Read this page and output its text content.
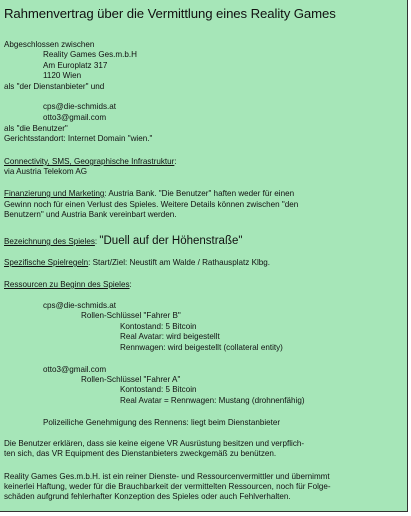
Rahmenvertrag über die Vermittlung eines Reality Games
Abgeschlossen zwischen
Reality Games Ges.m.b.H
Am Europlatz 317
1120 Wien
als "der Dienstanbieter" und
cps@die-schmids.at
otto3@gmail.com
als "die Benutzer"
Gerichtsstandort: Internet Domain "wien."
Connectivity, SMS, Geographische Infrastruktur:
via Austria Telekom AG
Finanzierung und Marketing: Austria Bank. "Die Benutzer" haften weder für einen
Gewinn noch für einen Verlust des Spieles. Weitere Details können zwischen "den
Benutzern" und Austria Bank vereinbart werden.
Bezeichnung des Spieles: "Duell auf der Höhenstraße"
Spezifische Spielregeln: Start/Ziel: Neustift am Walde / Rathausplatz Klbg.
Ressourcen zu Beginn des Spieles:
cps@die-schmids.at
Rollen-Schlüssel "Fahrer B"
Kontostand: 5 Bitcoin
Real Avatar: wird beigestellt
Rennwagen: wird beigestellt (collateral entity)
otto3@gmail.com
Rollen-Schlüssel "Fahrer A"
Kontostand: 5 Bitcoin
Real Avatar = Rennwagen: Mustang (drohnenfähig)
Polizeiliche Genehmigung des Rennens: liegt beim Dienstanbieter
Die Benutzer erklären, dass sie keine eigene VR Ausrüstung besitzen und verpflich-
ten sich, das VR Equipment des Dienstanbieters zweckgemäß zu benützen.
Reality Games Ges.m.b.H. ist ein reiner Dienste- und Ressourcenvermittler und übernimmt
keinerlei Haftung, weder für die Brauchbarkeit der vermittelten Ressourcen, noch für Folge-
schäden aufgrund fehlerhafter Konzeption des Spieles oder auch Fehlverhalten.
